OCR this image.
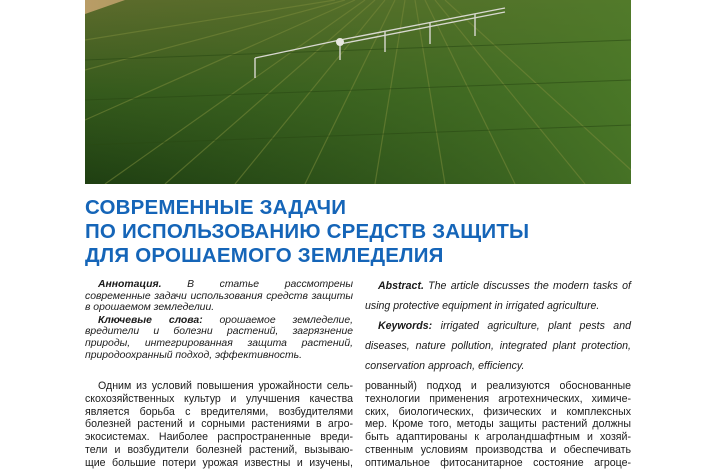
СОВРЕМЕННЫЕ ЗАДАЧИ
ПО ИСПОЛЬЗОВАНИЮ СРЕДСТВ ЗАЩИТЫ
ДЛЯ ОРОШАЕМОГО ЗЕМЛЕДЕЛИЯ

Аннотация. В статье рассмотрены современные задачи использования средств защиты в орошаемом земледелии.

Ключевые слова: орошаемое земледелие, вредители и болезни растений, загрязнение природы, интегрированная защита растений, природоохранный подход, эффективность.

Abstract. The article discusses the modern tasks of using protective equipment in irrigated agriculture.

Keywords: irrigated agriculture, plant pests and diseases, nature pollution, integrated plant protection, conservation approach, efficiency.

Одним из условий повышения урожайности сель-
скохозяйственных культур и улучшения качества
является борьба с вредителями, возбудителями
болезней растений и сорными растениями в агро-
экосистемах. Наиболее распространенные вреди-
тели и возбудители болезней растений, вызываю-
щие большие потери урожая известны и изучены,
рованный) подход и реализуются обоснованные
технологии применения агротехнических, химиче-
ских, биологических, физических и комплексных
мер. Кроме того, методы защиты растений должны
быть адаптированы к агроландшафтным и хозяй-
ственным условиям производства и обеспечивать
оптимальное фитосанитарное состояние агроце-
